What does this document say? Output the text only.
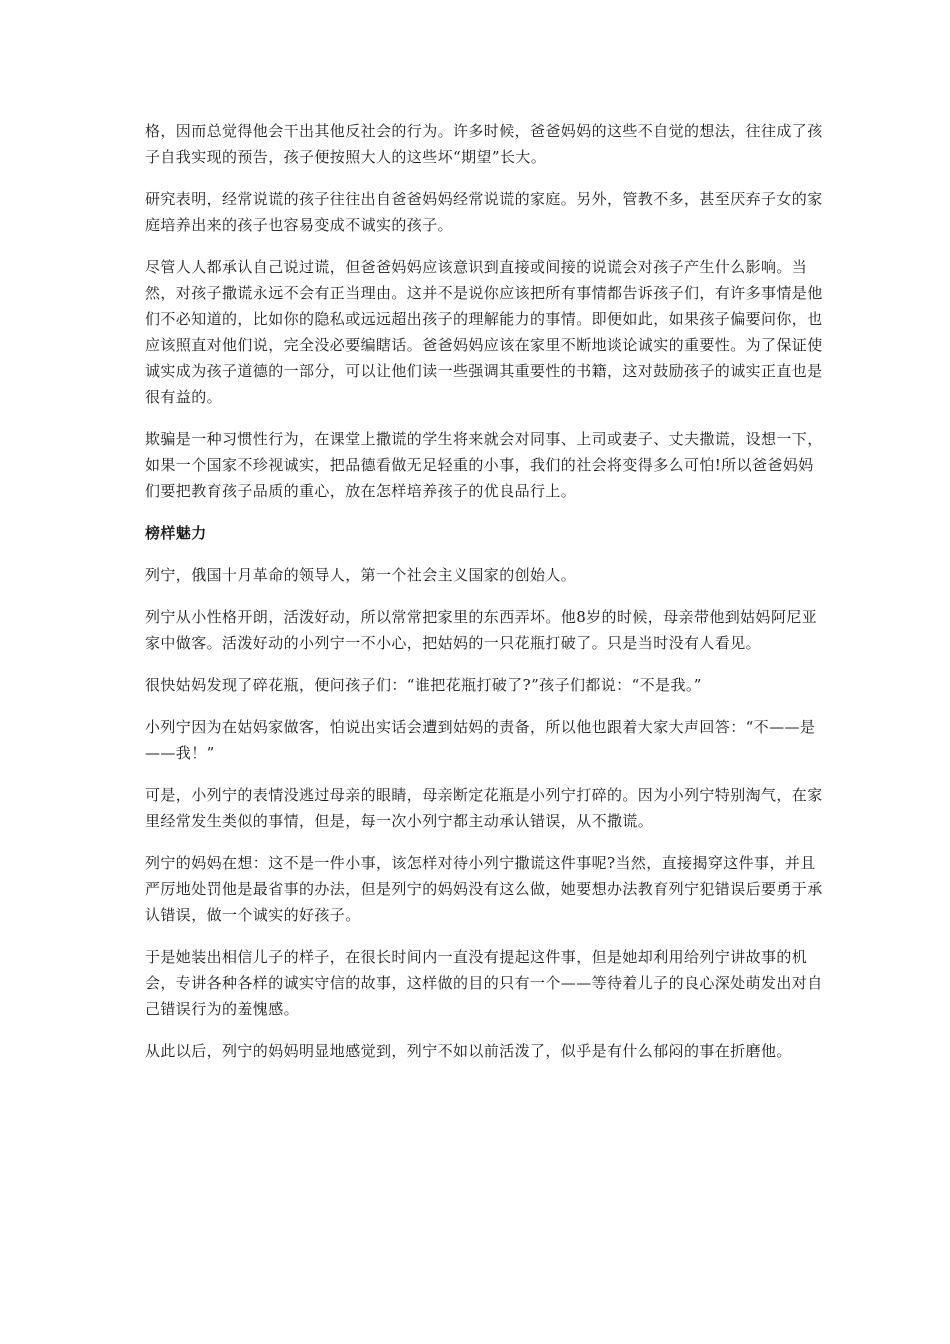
格，因而总觉得他会干出其他反社会的行为。许多时候，爸爸妈妈的这些不自觉的想法，往往成了孩子自我实现的预告，孩子便按照大人的这些坏“期望”长大。

研究表明，经常说谎的孩子往往出自爸爸妈妈经常说谎的家庭。另外，管教不多，甚至厌弃子女的家庭培养出来的孩子也容易变成不诚实的孩子。

尽管人人都承认自己说过谎，但爸爸妈妈应该意识到直接或间接的说谎会对孩子产生什么影响。当然，对孩子撒谎永远不会有正当理由。这并不是说你应该把所有事情都告诉孩子们，有许多事情是他们不必知道的，比如你的隐私或远远超出孩子的理解能力的事情。即便如此，如果孩子偏要问你，也应该照直对他们说，完全没必要编瞎话。爸爸妈妈应该在家里不断地谈论诚实的重要性。为了保证使诚实成为孩子道德的一部分，可以让他们读一些强调其重要性的书籍，这对鼓励孩子的诚实正直也是很有益的。

欺骗是一种习惯性行为，在课堂上撒谎的学生将来就会对同事、上司或妻子、丈夫撒谎，设想一下，如果一个国家不珍视诚实，把品德看做无足轻重的小事，我们的社会将变得多么可怕!所以爸爸妈妈们要把教育孩子品质的重心，放在怎样培养孩子的优良品行上。

榜样魅力

列宁，俄国十月革命的领导人，第一个社会主义国家的创始人。

列宁从小性格开朗，活泼好动，所以常常把家里的东西弄坏。他8岁的时候，母亲带他到姑妈阿尼亚家中做客。活泼好动的小列宁一不小心，把姑妈的一只花瓶打破了。只是当时没有人看见。

很快姑妈发现了碎花瓶，便问孩子们：“谁把花瓶打破了?”孩子们都说：“不是我。”

小列宁因为在姑妈家做客，怕说出实话会遭到姑妈的责备，所以他也跟着大家大声回答：“不——是——我！”

可是，小列宁的表情没逃过母亲的眼睛，母亲断定花瓶是小列宁打碎的。因为小列宁特别淘气，在家里经常发生类似的事情，但是，每一次小列宁都主动承认错误，从不撒谎。

列宁的妈妈在想：这不是一件小事，该怎样对待小列宁撒谎这件事呢?当然，直接揭穿这件事，并且严厉地处罚他是最省事的办法，但是列宁的妈妈没有这么做，她要想办法教育列宁犯错误后要勇于承认错误，做一个诚实的好孩子。

于是她装出相信儿子的样子，在很长时间内一直没有提起这件事，但是她却利用给列宁讲故事的机会，专讲各种各样的诚实守信的故事，这样做的目的只有一个——等待着儿子的良心深处萌发出对自己错误行为的羞愧感。

从此以后，列宁的妈妈明显地感觉到，列宁不如以前活泼了，似乎是有什么郁闷的事在折磨他。
